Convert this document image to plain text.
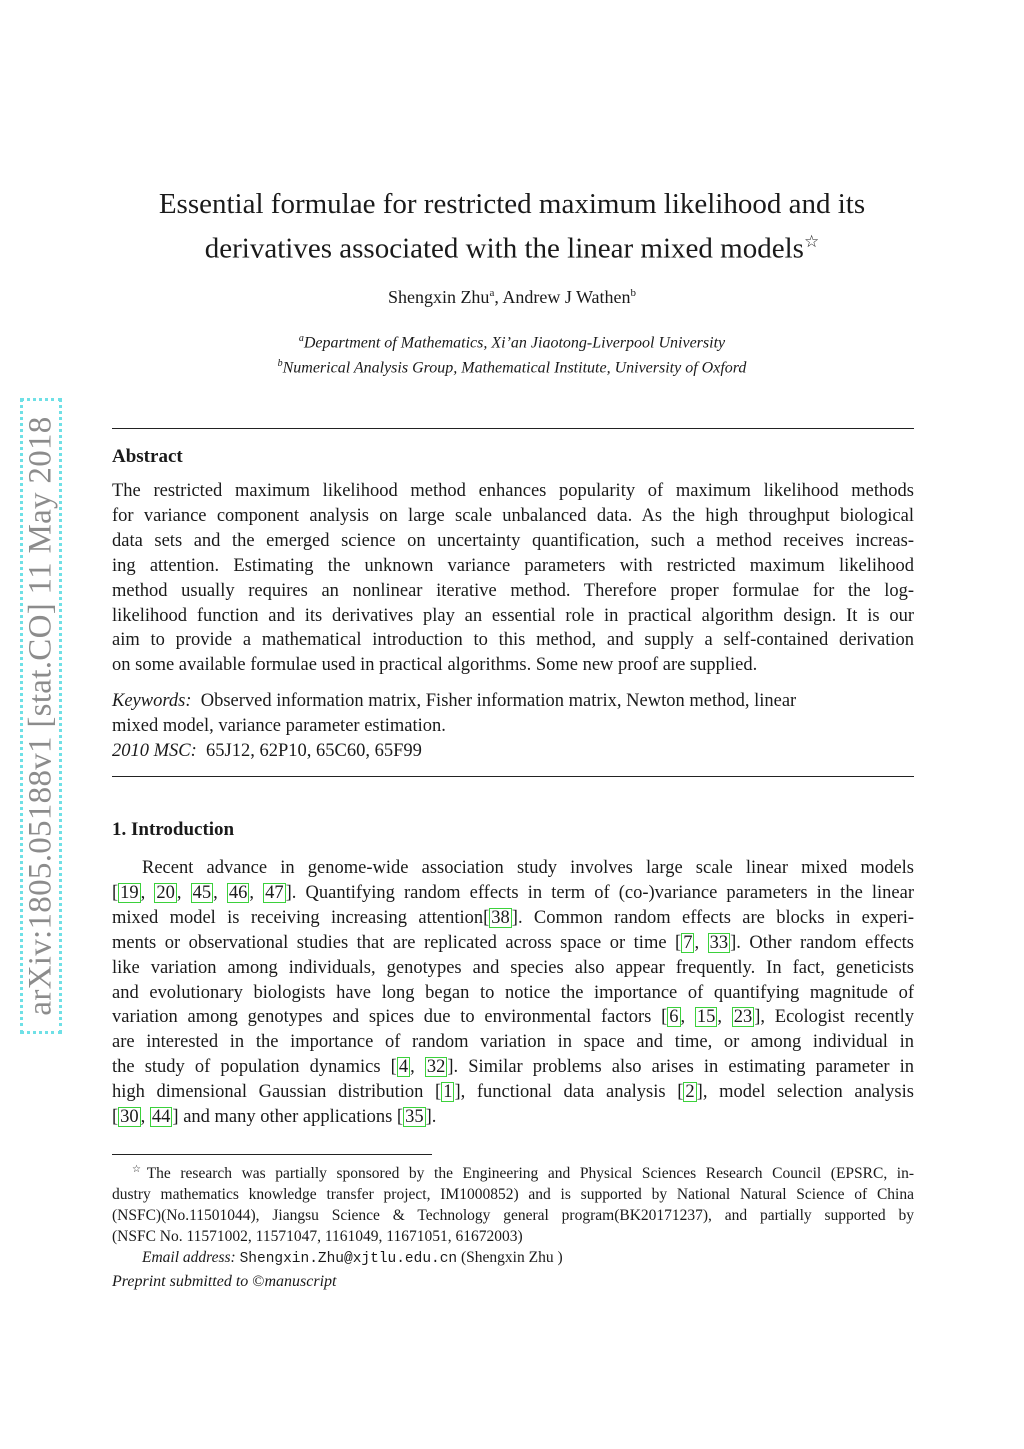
arXiv:1805.05188v1 [stat.CO] 11 May 2018
Essential formulae for restricted maximum likelihood and its
derivatives associated with the linear mixed models☆
Shengxin Zhu$^a$, Andrew J Wathen$^b$
$^a$Department of Mathematics, Xi’an Jiaotong-Liverpool University
$^b$Numerical Analysis Group, Mathematical Institute, University of Oxford
Abstract
The restricted maximum likelihood method enhances popularity of maximum likelihood methods
for variance component analysis on large scale unbalanced data. As the high throughput biological
data sets and the emerged science on uncertainty quantification, such a method receives increas-
ing attention. Estimating the unknown variance parameters with restricted maximum likelihood
method usually requires an nonlinear iterative method. Therefore proper formulae for the log-
likelihood function and its derivatives play an essential role in practical algorithm design. It is our
aim to provide a mathematical introduction to this method, and supply a self-contained derivation
on some available formulae used in practical algorithms. Some new proof are supplied.
Keywords: Observed information matrix, Fisher information matrix, Newton method, linear
mixed model, variance parameter estimation.
2010 MSC: 65J12, 62P10, 65C60, 65F99
1. Introduction
Recent advance in genome-wide association study involves large scale linear mixed models
[ 19 , 20 , 45 , 46 , 47 ]. Quantifying random effects in term of (co-)variance parameters in the linear
mixed model is receiving increasing attention[ 38 ]. Common random effects are blocks in experi-
ments or observational studies that are replicated across space or time [ 7 , 33 ]. Other random effects
like variation among individuals, genotypes and species also appear frequently. In fact, geneticists
and evolutionary biologists have long began to notice the importance of quantifying magnitude of
variation among genotypes and spices due to environmental factors [ 6 , 15 , 23 ], Ecologist recently
are interested in the importance of random variation in space and time, or among individual in
the study of population dynamics [ 4 , 32 ]. Similar problems also arises in estimating parameter in
high dimensional Gaussian distribution [ 1 ], functional data analysis [ 2 ], model selection analysis
[ 30 , 44 ] and many other applications [ 35 ].
☆The research was partially sponsored by the Engineering and Physical Sciences Research Council (EPSRC, in-
dustry mathematics knowledge transfer project, IM1000852) and is supported by National Natural Science of China
(NSFC)(No.11501044), Jiangsu Science & Technology general program(BK20171237), and partially supported by
(NSFC No. 11571002, 11571047, 1161049, 11671051, 61672003)
Email address: Shengxin.Zhu@xjtlu.edu.cn (Shengxin Zhu )
Preprint submitted to ©manuscript
